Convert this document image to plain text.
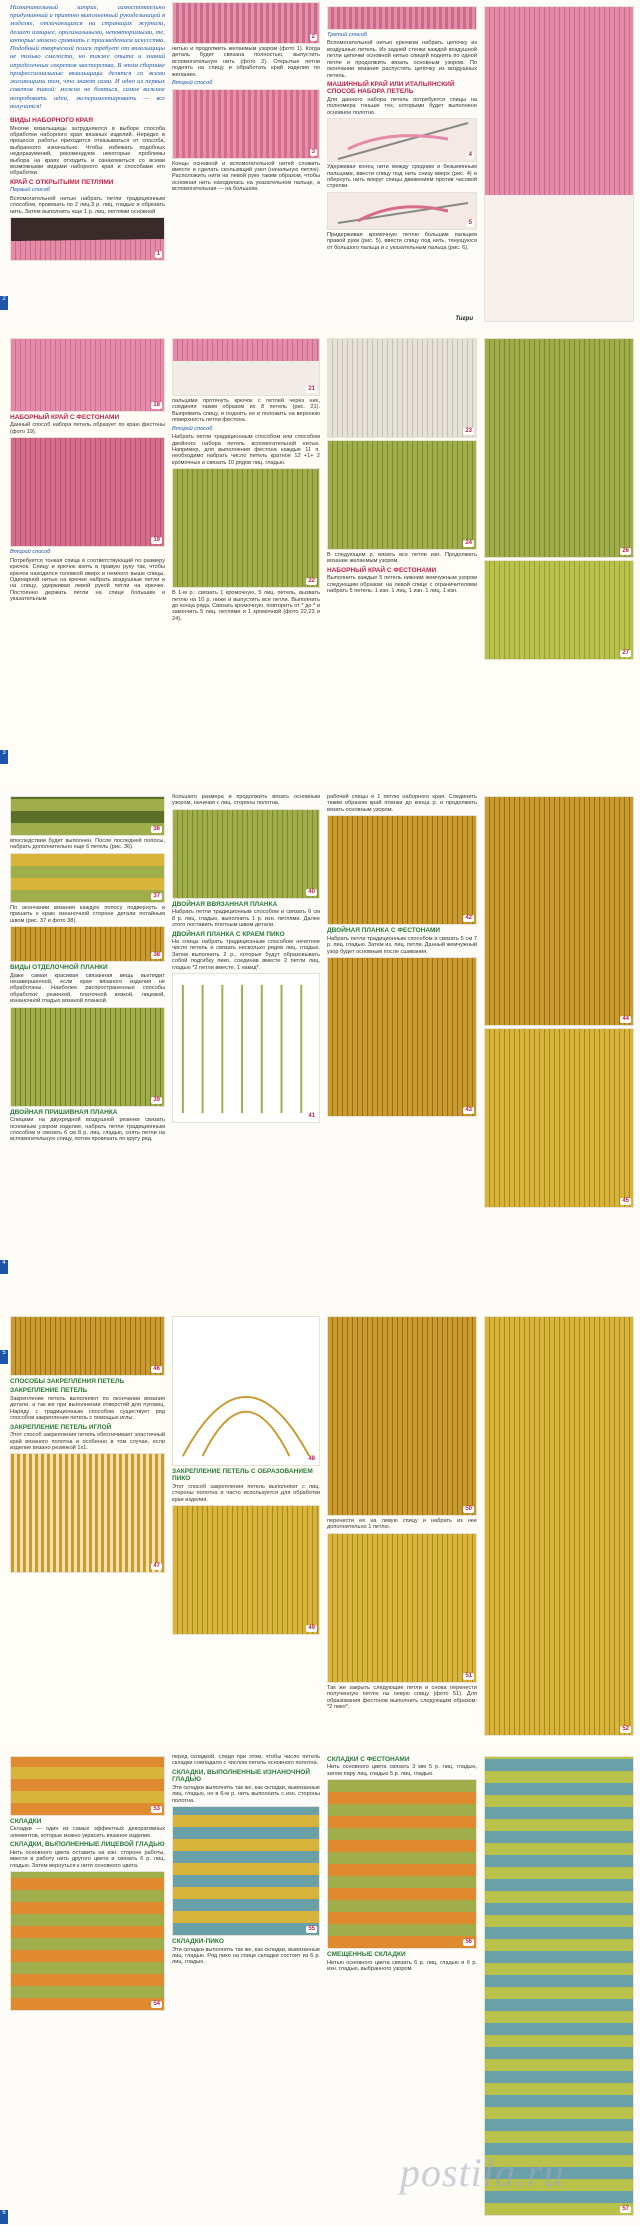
2

Назначительный штрих, самостоятельно придуманный и приятно выполненный рукодельницей в моделях, отличающихся на страницах журнала, делает изящнее, оригинальными, неповторимыми, те, которые можно сравнить с произведением искусства. Подобный творческий поиск требует от вязальщицы не только смелости, но также опыта и знаний определенных секретов мастерства. В этом сборнике профессиональные вязальщицы делятся со всеми желающими тем, что знают сами. И одно из первых советов такой: можно не бояться, самое важное попробовать идеи, экспериментировать — все получится!

ВИДЫ НАБОРНОГО КРАЯ

Многие вязальщицы затрудняются в выборе способа обработки наборного края вязаных изделий. Нередко в процессе работы приходится отказываться от способа, выбранного изначально. Чтобы избежать подобных недоразумений, рекомендуем некоторые проблемы выбора на краях отходить и ознакомиться со всеми возможными видами наборного края и способами его обработки.

КРАЙ С ОТКРЫТЫМИ ПЕТЛЯМИ
Первый способ

Вспомогательной нитью набрать петли традиционным способом, провязать по 2 лиц.3 р. лиц. гладью и обрезать нить. Затем выполнить еще 1 р. лиц. петлями основной

1
2

нитью и продолжить желаемым узором (фото 1). Когда деталь будет связана полностью, выпустить вспомогательную нить (фото 2). Открытые петли поднять на спицу и обработать край изделия по желанию.

Второй способ
3

Концы основной и вспомогательной нитей сложить вместе и сделать скользящий узел (начальную петлю). Расположить нити на левой руке таким образом, чтобы основная нить находилась на указательном пальце, а вспомогательная — на большом.

Третий способ

Вспомогательной нитью крючком набрать цепочку из воздушных петель. Из задней стенки каждой воздушной петли цепочки основной нитью спицей поднять по одной петле и продолжить вязать основным узором. По окончании вязания распустить цепочку из воздушных петель.

МАШИННЫЙ КРАЙ ИЛИ ИТАЛЬЯНСКИЙ СПОСОБ НАБОРА ПЕТЕЛЬ

Для данного набора петель потребуется спицы на полномера тоньше тех, которыми будет выполнено основное полотно.

4

Удерживая конец нити между средним и безымянным пальцами, ввести спицу под нить снизу вверх (рис. 4) и обернуть нить вокруг спицы движением против часовой стрелки.

5

Придерживая кромочную петлю большим пальцем правой руки (рис. 5), ввести спицу под нить, тянущуюся от большого пальца и с указательным пальца (рис. 6).

Тигри
3
18
НАБОРНЫЙ КРАЙ С ФЕСТОНАМИ

Данный способ набора петель образует по краю фестоны (фото 19).

19
Второй способ

Потребуется тонкая спица в соответствующий по размеру крючок. Спицу и крючок взять в правую руку так, чтобы крючок находился головкой вверх и немного выше спицы. Одинарной нитью на крючке набрать воздушные петли и на спицу, удерживая левой рукой петли на крючке. Постоянно держать петли на спице большим и указательным

21

пальцами протянуть крючок с петлей через них, соединяя таким образом их 8 петель (рис. 21). Выпрямить спицу, и поднять ее и положить на верхнюю поверхность петли фестона.

Второй способ

Набрать петли традиционным способом или способом двойного набора петель вспомогательной нитью. Например, для выполнения фестона каждые 11 п. необходимо набрать число петель кратное 12 +1+ 2 кромочных и связать 10 рядов лиц. гладью.

22

В 1-м р.: связать 1 кромочную, 5 лиц. петель, вызвать петлю на 10 р. ниже и выпустить все петли. Выполнить до конца ряда. Связать кромочную, повторить от * до * и закончить 5 лиц. петлями и 1 кромочной (фото 22,23 и 24).

23
24

В следующем р. вязать все петли изн. Продолжить вязание желаемым узором.

НАБОРНЫЙ КРАЙ С ФЕСТОНАМИ

Выполнить каждые 5 петель нижним жемчужным узором следующим образом: на левой спице с ограничителями набрать 5 петель: 1 изн. 1 лиц. 1 изн. 1 лиц. 1 изн.

26
27
4
36

впоследствии будет выполнен. После последней полосы, набрать дополнительно еще 6 петель (рис. 36).

37

По окончании вязания каждую полосу подвернуть и пришить к краю изнаночной стороне детали потайным швом (рис. 37 и фото 38).

38
ВИДЫ ОТДЕЛОЧНОЙ ПЛАНКИ

Даже самая красивая связанная вещь выглядит незавершенной, если края вязаного изделия не обработаны. Наиболее распространенные способы обработки: резинкой, платочной вязкой, лицевой, изнаночной гладью вязаной планкой.

39
ДВОЙНАЯ ПРИШИВНАЯ ПЛАНКА

Спицами на двухрядной воздушной резинке связать основным узором изделие, набрать петли традиционным способом и связать 6 см 8 р. лиц. гладью, снять петли на вспомогательную спицу, потом провязать по кругу ряд.

большего размера и продолжить вязать основным узором, начиная с лиц. стороны полотна.

40
ДВОЙНАЯ ВВЯЗАННАЯ ПЛАНКА

Набрать петли традиционным способом и связать 6 см 8 р. лиц. гладью, выполнить 1 р. изн. петлями. Далее этого поставить плотным швом детали.

ДВОЙНАЯ ПЛАНКА С КРАЕМ ПИКО

На спицы набрать традиционным способом нечетное число петель и связать несколько рядов лиц. гладью. Затем выполнить 2 р., которые будут образовывать собой подгибку пико, соединив вместе 2 петли лиц. гладью *2 петли вместе, 1 накид*.

41

рабочей спицы и 1 петлю наборного края. Соединить таким образом край планки до конца р. и продолжить вязать основным узором.

42
ДВОЙНАЯ ПЛАНКА С ФЕСТОНАМИ

Набрать петли традиционным способом и связать 5 см 7 р. лиц. гладью. Затем из. лиц. петли. Данный жемчужный узор будет основным после сшивания.

43
44
45
5
46
СПОСОБЫ ЗАКРЕПЛЕНИЯ ПЕТЕЛЬ
ЗАКРЕПЛЕНИЕ ПЕТЕЛЬ

Закрепление петель выполняют по окончании вязания детали, а так же при выполнении отверстий для пуговиц. Наряду с традиционным способом существует ряд способов закрепления петель с помощью иглы.

ЗАКРЕПЛЕНИЕ ПЕТЕЛЬ ИГЛОЙ

Этот способ закрепления петель обеспечивает эластичный край вязаного полотна и особенно в том случае, если изделие вязано резинкой 1х1.

47
48
ЗАКРЕПЛЕНИЕ ПЕТЕЛЬ С ОБРАЗОВАНИЕМ ПИКО

Этот способ закрепления петель выполняют с лиц. стороны полотна и часто используется для обработки края изделия.

49
50

перенести ее на левую спицу и набрать из нее дополнительно 1 петлю.

51

Так же закрыть следующие петли и снова перенести полученную петлю на левую спицу (фото 51). Для образования фестонов выполнить следующим образом: *2 пико*.

52
6
53
СКЛАДКИ

Складки — один из самых эффектных декоративных элементов, которые можно украсить вязаное изделие.

СКЛАДКИ, ВЫПОЛНЕННЫЕ ЛИЦЕВОЙ ГЛАДЬЮ

Нить основного цвета оставить на изн. стороне работы, ввести в работу нить другого цвета и связать 6 р. лиц. гладью. Затем вернуться к нити основного цвета.

54

перед складкой, следя при этом, чтобы число петель складки совпадало с числом петель основного полотна.

СКЛАДКИ, ВЫПОЛНЕННЫЕ ИЗНАНОЧНОЙ ГЛАДЬЮ

Эти складки выполнять так же, как складки, вывязанные лиц. гладью, но в 6-м р. нить выполнить с изн. стороны полотна.

55
СКЛАДКИ-ПИКО

Эти складки выполнять так же, как складки, вывязанные лиц. гладью. Ряд пико на спице складки состоит из 6 р. лиц. гладью.

СКЛАДКИ С ФЕСТОНАМИ

Нить основного цвета связать 3 мм 5 р. лиц. гладью, затем пару лиц. гладью 5 р. лиц. гладью.

56
СМЕЩЕННЫЕ СКЛАДКИ

Нитью основного цвета связать 6 р. лиц. гладью и 6 р. изн. гладью, выбранного узором.

57
postila.ru
